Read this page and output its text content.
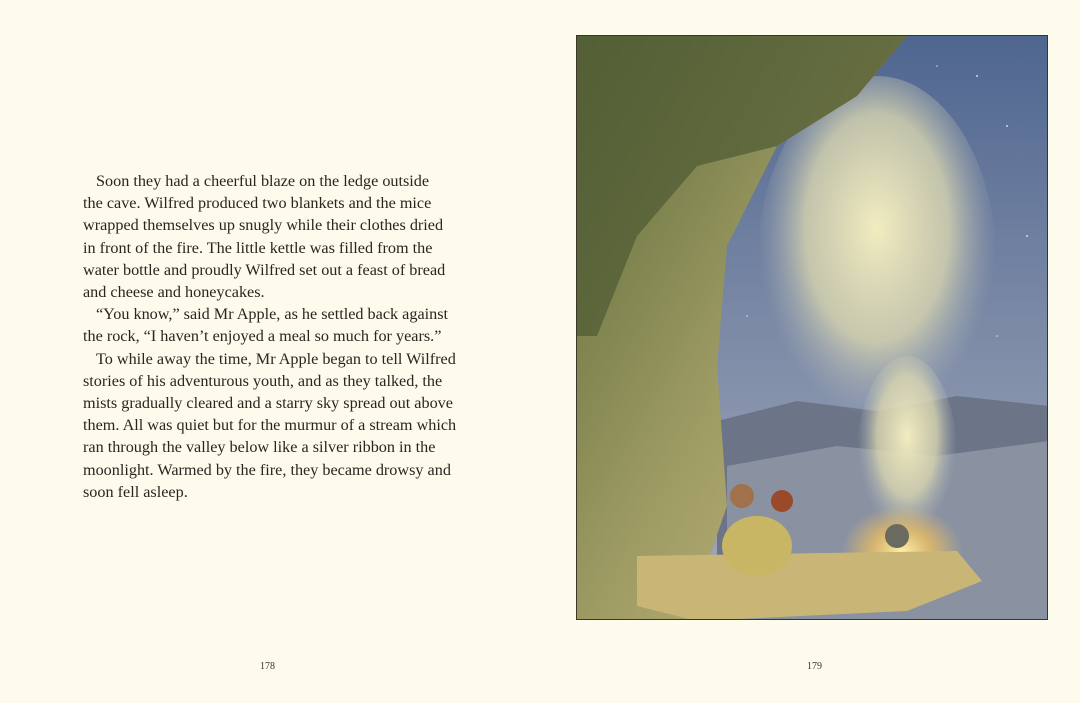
Soon they had a cheerful blaze on the ledge outside
the cave. Wilfred produced two blankets and the mice
wrapped themselves up snugly while their clothes dried
in front of the fire. The little kettle was filled from the
water bottle and proudly Wilfred set out a feast of bread
and cheese and honeycakes.
“You know,” said Mr Apple, as he settled back against
the rock, “I haven’t enjoyed a meal so much for years.”
To while away the time, Mr Apple began to tell Wilfred
stories of his adventurous youth, and as they talked, the
mists gradually cleared and a starry sky spread out above
them. All was quiet but for the murmur of a stream which
ran through the valley below like a silver ribbon in the
moonlight. Warmed by the fire, they became drowsy and
soon fell asleep.
178	179
